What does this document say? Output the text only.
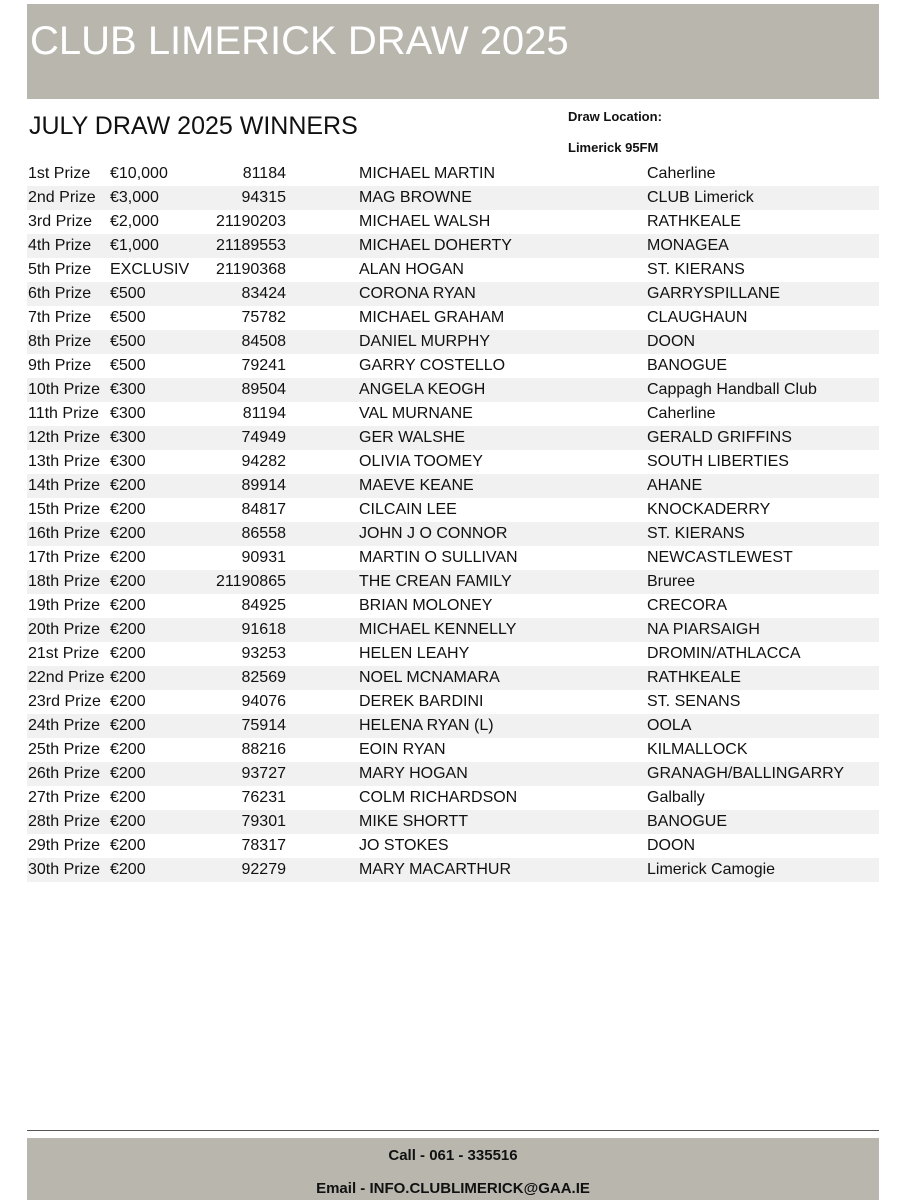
CLUB LIMERICK DRAW 2025
JULY DRAW 2025 WINNERS	Draw Location:
Limerick 95FM
1st Prize €10,000	81184	MICHAEL MARTIN	Caherline
2nd Prize €3,000	94315	MAG BROWNE	CLUB Limerick
3rd Prize €2,000	21190203	MICHAEL WALSH	RATHKEALE
4th Prize €1,000	21189553	MICHAEL DOHERTY	MONAGEA
5th Prize EXCLUSIV	21190368	ALAN HOGAN	ST. KIERANS
6th Prize €500	83424	CORONA RYAN	GARRYSPILLANE
7th Prize €500	75782	MICHAEL GRAHAM	CLAUGHAUN
8th Prize €500	84508	DANIEL MURPHY	DOON
9th Prize €500	79241	GARRY COSTELLO	BANOGUE
10th Prize €300	89504	ANGELA KEOGH	Cappagh Handball Club
11th Prize €300	81194	VAL MURNANE	Caherline
12th Prize €300	74949	GER WALSHE	GERALD GRIFFINS
13th Prize €300	94282	OLIVIA TOOMEY	SOUTH LIBERTIES
14th Prize €200	89914	MAEVE KEANE	AHANE
15th Prize €200	84817	CILCAIN LEE	KNOCKADERRY
16th Prize €200	86558	JOHN J O CONNOR	ST. KIERANS
17th Prize €200	90931	MARTIN O SULLIVAN	NEWCASTLEWEST
18th Prize €200	21190865	THE CREAN FAMILY	Bruree
19th Prize €200	84925	BRIAN MOLONEY	CRECORA
20th Prize €200	91618	MICHAEL KENNELLY	NA PIARSAIGH
21st Prize €200	93253	HELEN LEAHY	DROMIN/ATHLACCA
22nd Prize €200	82569	NOEL MCNAMARA	RATHKEALE
23rd Prize €200	94076	DEREK BARDINI	ST. SENANS
24th Prize €200	75914	HELENA RYAN (L)	OOLA
25th Prize €200	88216	EOIN RYAN	KILMALLOCK
26th Prize €200	93727	MARY HOGAN	GRANAGH/BALLINGARRY
27th Prize €200	76231	COLM RICHARDSON	Galbally
28th Prize €200	79301	MIKE SHORTT	BANOGUE
29th Prize €200	78317	JO STOKES	DOON
30th Prize €200	92279	MARY MACARTHUR	Limerick Camogie
Call - 061 - 335516
Email - INFO.CLUBLIMERICK@GAA.IE
